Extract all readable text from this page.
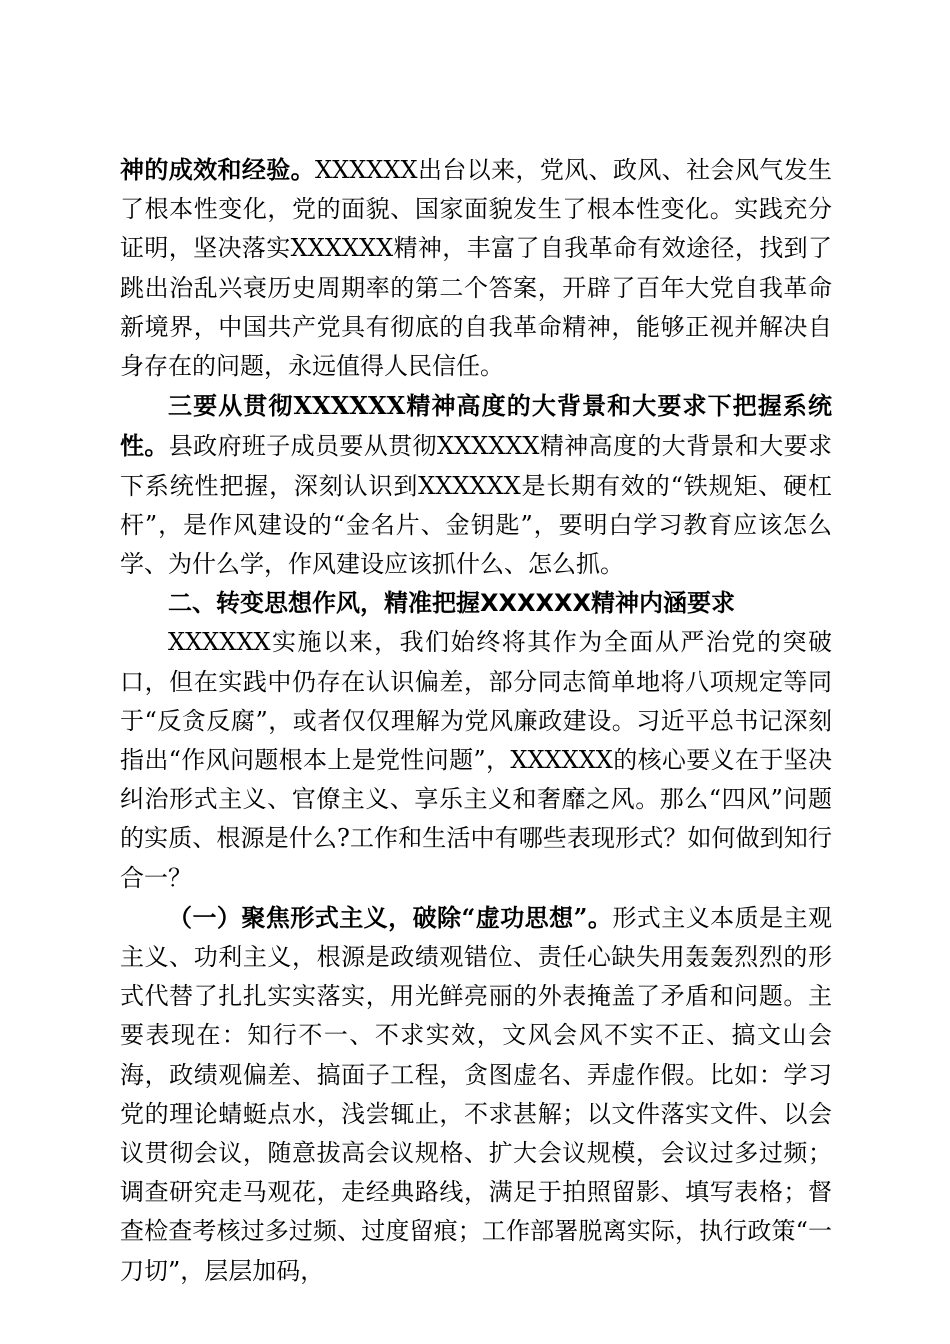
神的成效和经验。XXXXXX出台以来，党风、政风、社会风气发生了根本性变化，党的面貌、国家面貌发生了根本性变化。实践充分证明，坚决落实XXXXXX精神，丰富了自我革命有效途径，找到了跳出治乱兴衰历史周期率的第二个答案，开辟了百年大党自我革命新境界，中国共产党具有彻底的自我革命精神，能够正视并解决自身存在的问题，永远值得人民信任。

三要从贯彻XXXXXX精神高度的大背景和大要求下把握系统性。县政府班子成员要从贯彻XXXXXX精神高度的大背景和大要求下系统性把握，深刻认识到XXXXXX是长期有效的“铁规矩、硬杠杆”，是作风建设的“金名片、金钥匙”，要明白学习教育应该怎么学、为什么学，作风建设应该抓什么、怎么抓。

二、转变思想作风，精准把握XXXXXX精神内涵要求

XXXXXX实施以来，我们始终将其作为全面从严治党的突破口，但在实践中仍存在认识偏差，部分同志简单地将八项规定等同于“反贪反腐”，或者仅仅理解为党风廉政建设。习近平总书记深刻指出“作风问题根本上是党性问题”，XXXXXX的核心要义在于坚决纠治形式主义、官僚主义、享乐主义和奢靡之风。那么“四风”问题的实质、根源是什么?工作和生活中有哪些表现形式？如何做到知行合一？

（一）聚焦形式主义，破除“虚功思想”。形式主义本质是主观主义、功利主义，根源是政绩观错位、责任心缺失用轰轰烈烈的形式代替了扎扎实实落实，用光鲜亮丽的外表掩盖了矛盾和问题。主要表现在：知行不一、不求实效，文风会风不实不正、搞文山会海，政绩观偏差、搞面子工程，贪图虚名、弄虚作假。比如：学习党的理论蜻蜓点水，浅尝辄止，不求甚解；以文件落实文件、以会议贯彻会议，随意拔高会议规格、扩大会议规模，会议过多过频；调查研究走马观花，走经典路线，满足于拍照留影、填写表格；督查检查考核过多过频、过度留痕；工作部署脱离实际，执行政策“一刀切”，层层加码，
